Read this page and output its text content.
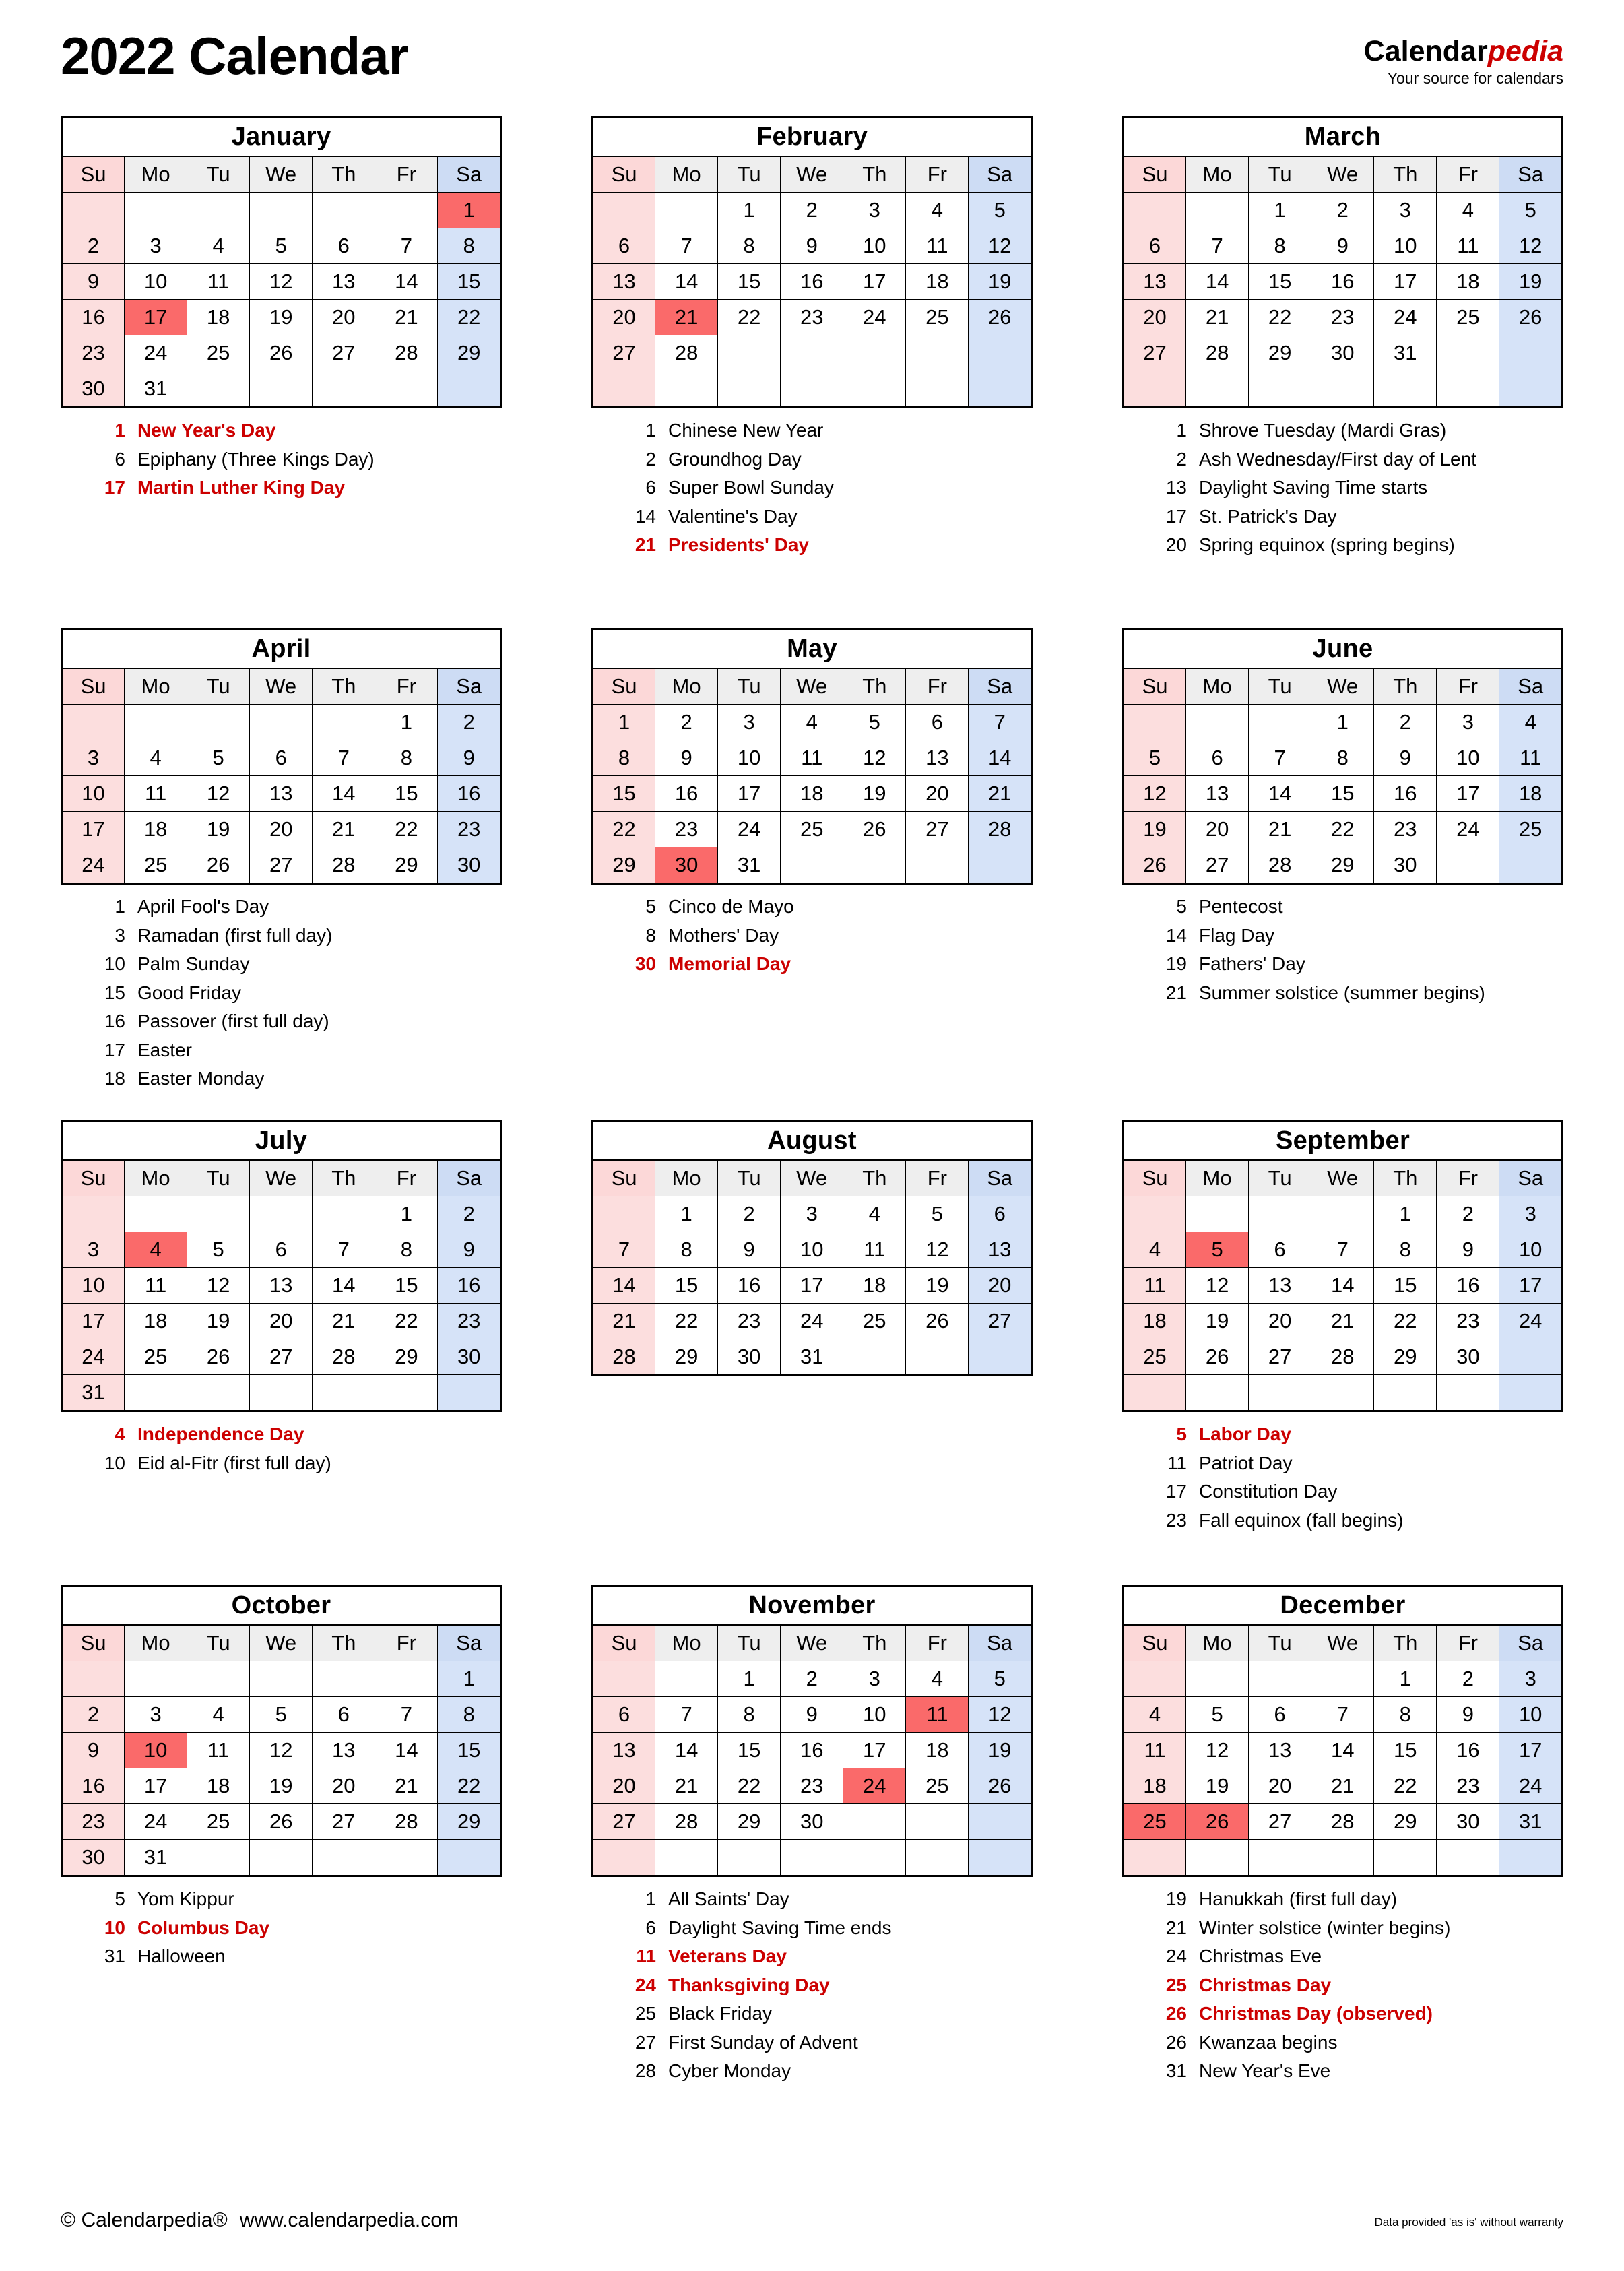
2022 Calendar	Calendarpedia
Your source for calendars
January						
Su	Mo	Tu	We	Th	Fr	Sa
						1
2	3	4	5	6	7	8
9	10	11	12	13	14	15
16	17	18	19	20	21	22
23	24	25	26	27	28	29
30	31					
1 New Year's Day
6 Epiphany (Three Kings Day)
17 Martin Luther King Day
February						
Su	Mo	Tu	We	Th	Fr	Sa
		1	2	3	4	5
6	7	8	9	10	11	12
13	14	15	16	17	18	19
20	21	22	23	24	25	26
27	28					

1 Chinese New Year
2 Groundhog Day
6 Super Bowl Sunday
14 Valentine's Day
21 Presidents' Day
March						
Su	Mo	Tu	We	Th	Fr	Sa
		1	2	3	4	5
6	7	8	9	10	11	12
13	14	15	16	17	18	19
20	21	22	23	24	25	26
27	28	29	30	31		

1 Shrove Tuesday (Mardi Gras)
2 Ash Wednesday/First day of Lent
13 Daylight Saving Time starts
17 St. Patrick's Day
20 Spring equinox (spring begins)
April						
Su	Mo	Tu	We	Th	Fr	Sa
					1	2
3	4	5	6	7	8	9
10	11	12	13	14	15	16
17	18	19	20	21	22	23
24	25	26	27	28	29	30
1 April Fool's Day
3 Ramadan (first full day)
10 Palm Sunday
15 Good Friday
16 Passover (first full day)
17 Easter
18 Easter Monday
May						
Su	Mo	Tu	We	Th	Fr	Sa
1	2	3	4	5	6	7
8	9	10	11	12	13	14
15	16	17	18	19	20	21
22	23	24	25	26	27	28
29	30	31				
5 Cinco de Mayo
8 Mothers' Day
30 Memorial Day
June						
Su	Mo	Tu	We	Th	Fr	Sa
			1	2	3	4
5	6	7	8	9	10	11
12	13	14	15	16	17	18
19	20	21	22	23	24	25
26	27	28	29	30		
5 Pentecost
14 Flag Day
19 Fathers' Day
21 Summer solstice (summer begins)
July						
Su	Mo	Tu	We	Th	Fr	Sa
					1	2
3	4	5	6	7	8	9
10	11	12	13	14	15	16
17	18	19	20	21	22	23
24	25	26	27	28	29	30
31						
4 Independence Day
10 Eid al-Fitr (first full day)
August						
Su	Mo	Tu	We	Th	Fr	Sa
	1	2	3	4	5	6
7	8	9	10	11	12	13
14	15	16	17	18	19	20
21	22	23	24	25	26	27
28	29	30	31			
September						
Su	Mo	Tu	We	Th	Fr	Sa
				1	2	3
4	5	6	7	8	9	10
11	12	13	14	15	16	17
18	19	20	21	22	23	24
25	26	27	28	29	30	

5 Labor Day
11 Patriot Day
17 Constitution Day
23 Fall equinox (fall begins)
October						
Su	Mo	Tu	We	Th	Fr	Sa
						1
2	3	4	5	6	7	8
9	10	11	12	13	14	15
16	17	18	19	20	21	22
23	24	25	26	27	28	29
30	31					
5 Yom Kippur
10 Columbus Day
31 Halloween
November						
Su	Mo	Tu	We	Th	Fr	Sa
		1	2	3	4	5
6	7	8	9	10	11	12
13	14	15	16	17	18	19
20	21	22	23	24	25	26
27	28	29	30			

1 All Saints' Day
6 Daylight Saving Time ends
11 Veterans Day
24 Thanksgiving Day
25 Black Friday
27 First Sunday of Advent
28 Cyber Monday
December						
Su	Mo	Tu	We	Th	Fr	Sa
				1	2	3
4	5	6	7	8	9	10
11	12	13	14	15	16	17
18	19	20	21	22	23	24
25	26	27	28	29	30	31

19 Hanukkah (first full day)
21 Winter solstice (winter begins)
24 Christmas Eve
25 Christmas Day
26 Christmas Day (observed)
26 Kwanzaa begins
31 New Year's Eve
© Calendarpedia® www.calendarpedia.com	Data provided 'as is' without warranty
